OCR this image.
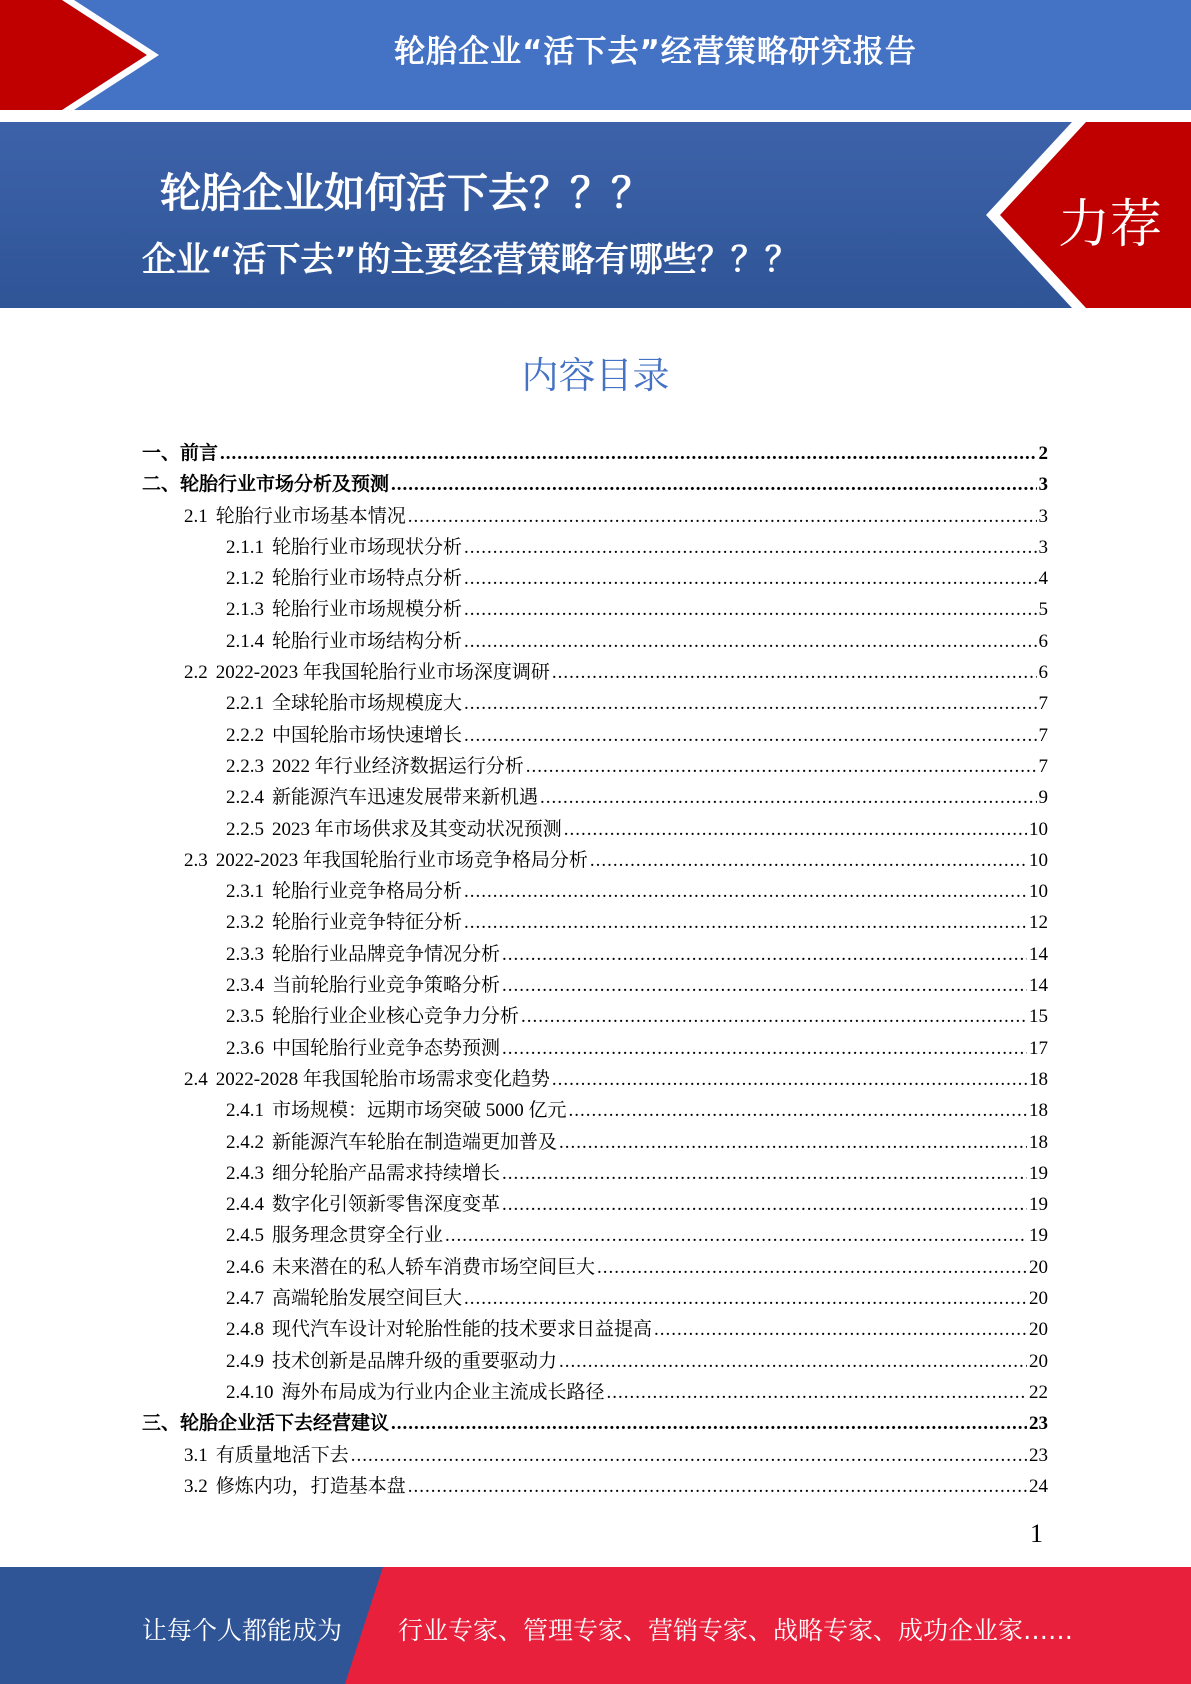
轮胎企业“活下去”经营策略研究报告
轮胎企业如何活下去？？？
企业“活下去”的主要经营策略有哪些？？？
力荐
内容目录
一、 前言 .....	2
二、 轮胎行业市场分析及预测 .....	3
2.1 轮胎行业市场基本情况 .....	3
2.1.1 轮胎行业市场现状分析 .....	3
2.1.2 轮胎行业市场特点分析 .....	4
2.1.3 轮胎行业市场规模分析 .....	5
2.1.4 轮胎行业市场结构分析 .....	6
2.2 2022-2023 年我国轮胎行业市场深度调研 .....	6
2.2.1 全球轮胎市场规模庞大 .....	7
2.2.2 中国轮胎市场快速增长 .....	7
2.2.3 2022 年行业经济数据运行分析 .....	7
2.2.4 新能源汽车迅速发展带来新机遇 .....	9
2.2.5 2023 年市场供求及其变动状况预测 .....	10
2.3 2022-2023 年我国轮胎行业市场竞争格局分析 .....	10
2.3.1 轮胎行业竞争格局分析 .....	10
2.3.2 轮胎行业竞争特征分析 .....	12
2.3.3 轮胎行业品牌竞争情况分析 .....	14
2.3.4 当前轮胎行业竞争策略分析 .....	14
2.3.5 轮胎行业企业核心竞争力分析 .....	15
2.3.6 中国轮胎行业竞争态势预测 .....	17
2.4 2022-2028 年我国轮胎市场需求变化趋势 .....	18
2.4.1 市场规模：远期市场突破 5000 亿元 .....	18
2.4.2 新能源汽车轮胎在制造端更加普及 .....	18
2.4.3 细分轮胎产品需求持续增长 .....	19
2.4.4 数字化引领新零售深度变革 .....	19
2.4.5 服务理念贯穿全行业 .....	19
2.4.6 未来潜在的私人轿车消费市场空间巨大 .....	20
2.4.7 高端轮胎发展空间巨大 .....	20
2.4.8 现代汽车设计对轮胎性能的技术要求日益提高 .....	20
2.4.9 技术创新是品牌升级的重要驱动力 .....	20
2.4.10 海外布局成为行业内企业主流成长路径 .....	22
三、 轮胎企业活下去经营建议 .....	23
3.1 有质量地活下去 .....	23
3.2 修炼内功，打造基本盘 .....	24
1
让每个人都能成为 行业专家、管理专家、营销专家、战略专家、成功企业家……
